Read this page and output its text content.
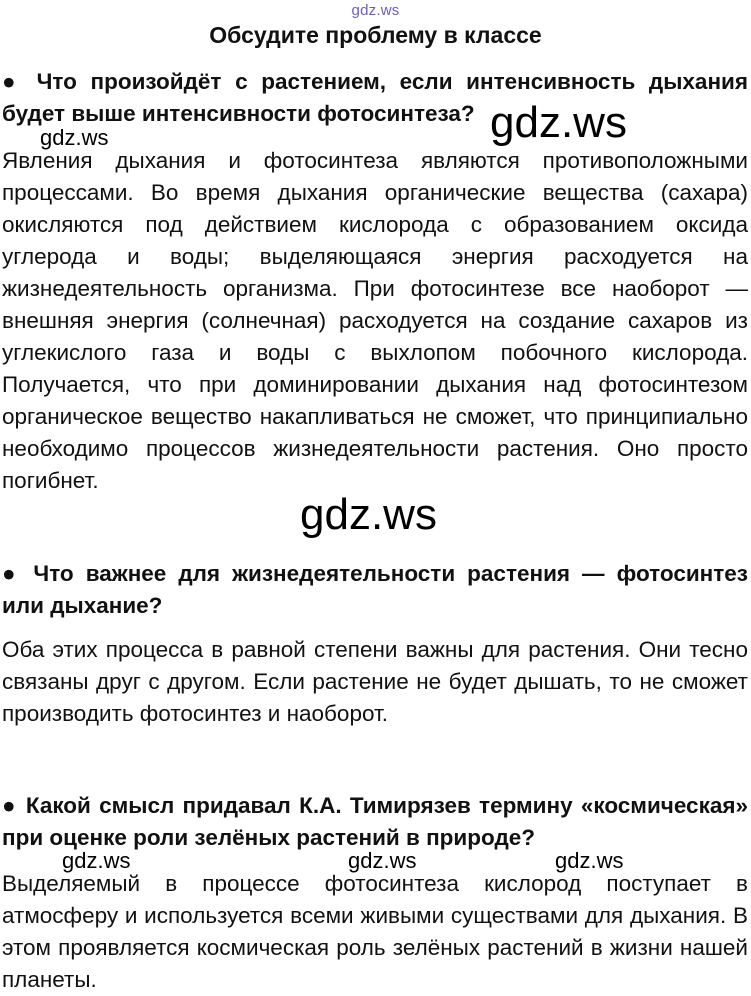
gdz.ws
Обсудите проблему в классе

● Что произойдёт с растением, если интенсивность дыхания будет выше интенсивности фотосинтеза? gdz.ws
gdz.ws

Явления дыхания и фотосинтеза являются противоположными процессами. Во время дыхания органические вещества (сахара) окисляются под действием кислорода с образованием оксида углерода и воды; выделяющаяся энергия расходуется на жизнедеятельность организма. При фотосинтезе все наоборот — внешняя энергия (солнечная) расходуется на создание сахаров из углекислого газа и воды с выхлопом побочного кислорода. Получается, что при доминировании дыхания над фотосинтезом органическое вещество накапливаться не сможет, что принципиально необходимо процессов жизнедеятельности растения. Оно просто погибнет.

gdz.ws

● Что важнее для жизнедеятельности растения — фотосинтез или дыхание?

Оба этих процесса в равной степени важны для растения. Они тесно связаны друг с другом. Если растение не будет дышать, то не сможет производить фотосинтез и наоборот.

● Какой смысл придавал К.А. Тимирязев термину «космическая» при оценке роли зелёных растений в природе?

gdz.ws	gdz.ws	gdz.ws

Выделяемый в процессе фотосинтеза кислород поступает в атмосферу и используется всеми живыми существами для дыхания. В этом проявляется космическая роль зелёных растений в жизни нашей планеты.
